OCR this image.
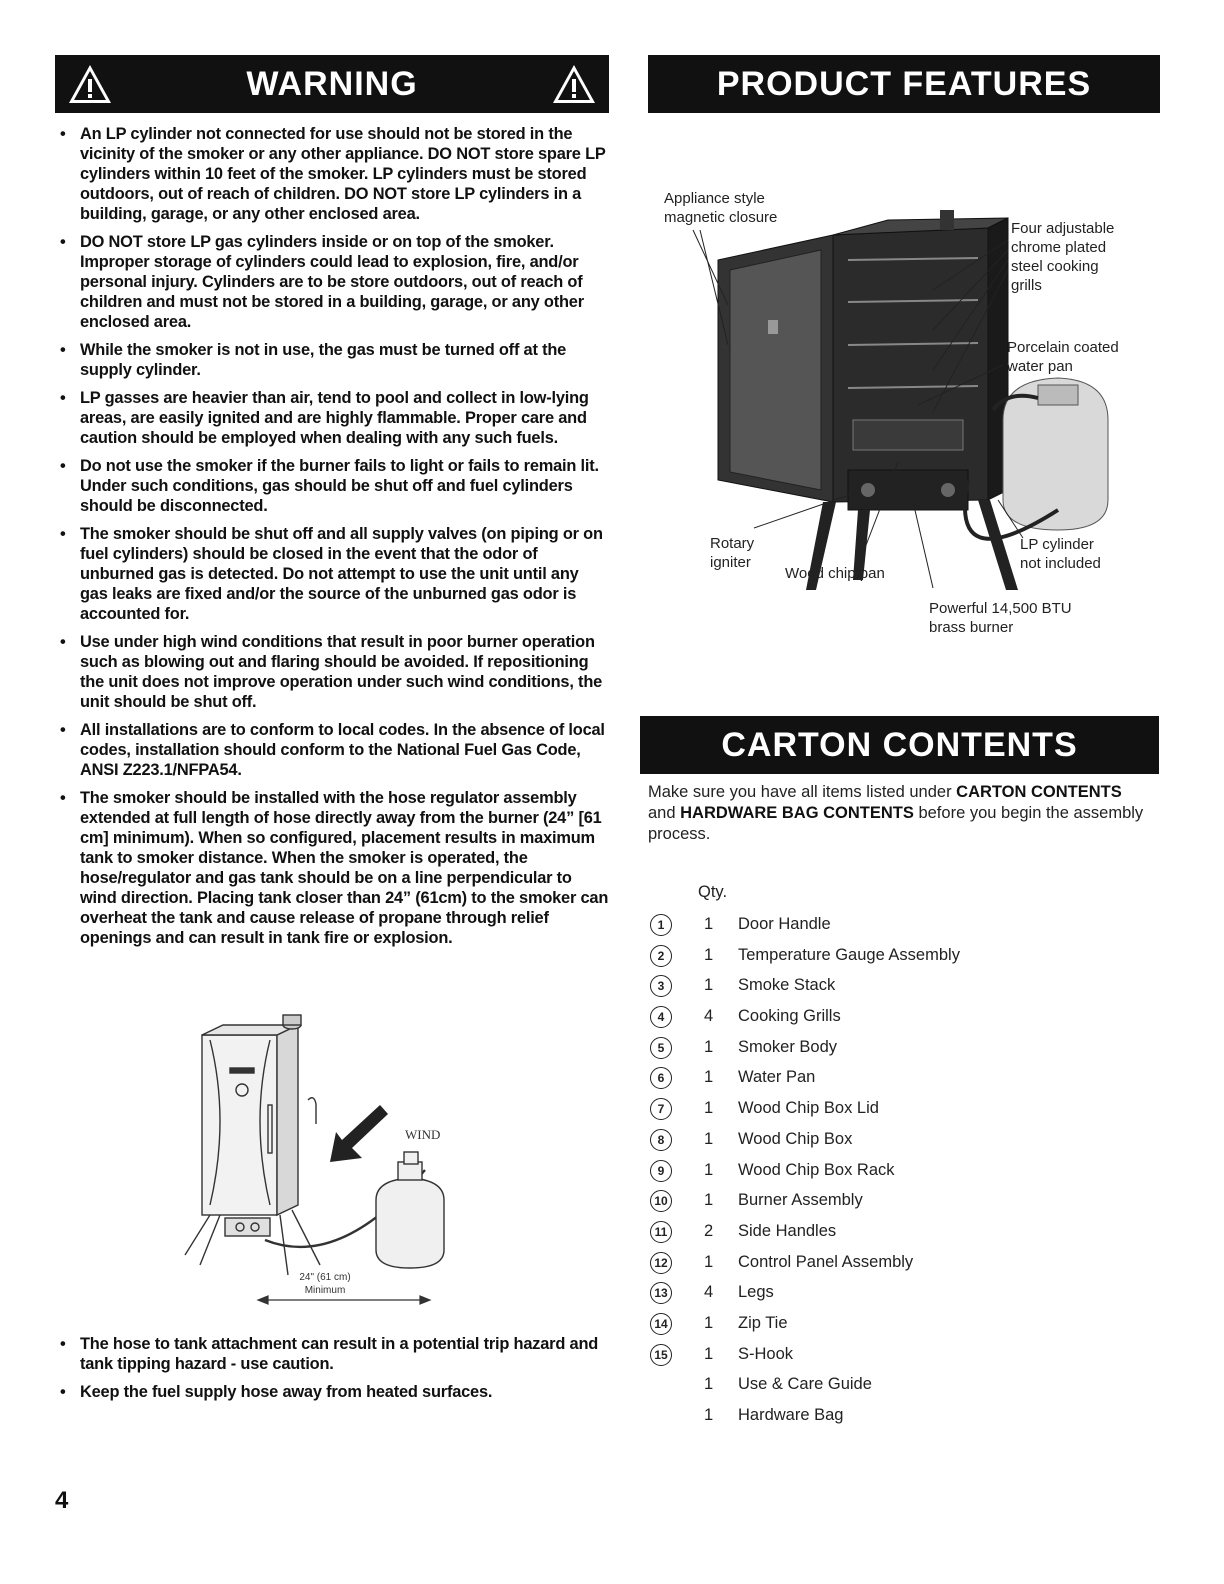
WARNING
• An LP cylinder not connected for use should not be stored in the vicinity of the smoker or any other appliance. DO NOT store spare LP cylinders within 10 feet of the smoker. LP cylinders must be stored outdoors, out of reach of children. DO NOT store LP cylinders in a building, garage, or any other enclosed area.
• DO NOT store LP gas cylinders inside or on top of the smoker. Improper storage of cylinders could lead to explosion, fire, and/or personal injury. Cylinders are to be store outdoors, out of reach of children and must not be stored in a building, garage, or any other enclosed area.
• While the smoker is not in use, the gas must be turned off at the supply cylinder.
• LP gasses are heavier than air, tend to pool and collect in low-lying areas, are easily ignited and are highly flammable. Proper care and caution should be employed when dealing with any such fuels.
• Do not use the smoker if the burner fails to light or fails to remain lit. Under such conditions, gas should be shut off and fuel cylinders should be disconnected.
• The smoker should be shut off and all supply valves (on piping or on fuel cylinders) should be closed in the event that the odor of unburned gas is detected. Do not attempt to use the unit until any gas leaks are fixed and/or the source of the unburned gas odor is accounted for.
• Use under high wind conditions that result in poor burner operation such as blowing out and flaring should be avoided. If repositioning the unit does not improve operation under such wind conditions, the unit should be shut off.
• All installations are to conform to local codes. In the absence of local codes, installation should conform to the National Fuel Gas Code, ANSI Z223.1/NFPA54.
• The smoker should be installed with the hose regulator assembly extended at full length of hose directly away from the burner (24” [61 cm] minimum). When so configured, placement results in maximum tank to smoker distance. When the smoker is operated, the hose/regulator and gas tank should be on a line perpendicular to wind direction. Placing tank closer than 24” (61cm) to the smoker can overheat the tank and cause release of propane through relief openings and can result in tank fire or explosion.
WIND
24" (61 cm)
Minimum
• The hose to tank attachment can result in a potential trip hazard and tank tipping hazard - use caution.
• Keep the fuel supply hose away from heated surfaces.
PRODUCT FEATURES
Appliance style
magnetic closure
Four adjustable
chrome plated
steel cooking
grills
Porcelain coated
water pan
Rotary
igniter
Wood chip pan
LP cylinder
not included
Powerful 14,500 BTU
brass burner
CARTON CONTENTS

Make sure you have all items listed under CARTON CONTENTS and HARDWARE BAG CONTENTS before you begin the assembly process.

Qty.
1	1 Door Handle
2	1 Temperature Gauge Assembly
3	1 Smoke Stack
4	4 Cooking Grills
5	1 Smoker Body
6	1 Water Pan
7	1 Wood Chip Box Lid
8	1 Wood Chip Box
9	1 Wood Chip Box Rack
10 1 Burner Assembly
11 2 Side Handles
12 1 Control Panel Assembly
13 4 Legs
14 1 Zip Tie
15 1 S-Hook
1 Use & Care Guide
1 Hardware Bag
4
